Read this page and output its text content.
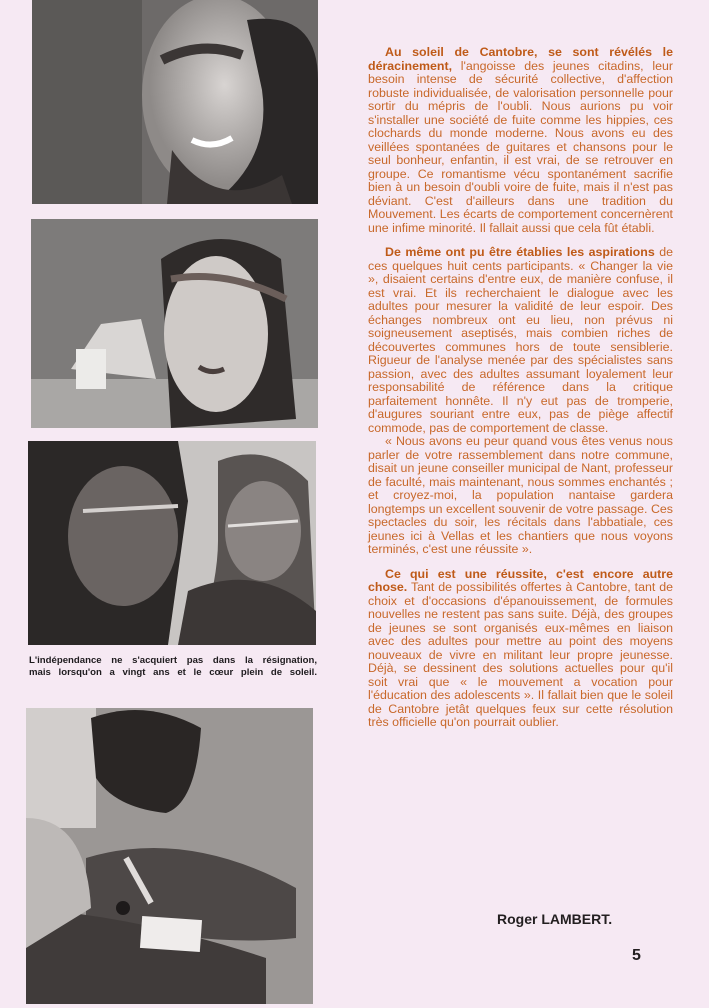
L'indépendance ne s'acquiert pas dans la résignation,
mais lorsqu'on a vingt ans et le cœur plein de soleil.

Au soleil de Cantobre, se sont révélés le déracinement, l'angoisse des jeunes citadins, leur besoin intense de sécurité collective, d'affection robuste individualisée, de valorisation personnelle pour sortir du mépris de l'oubli. Nous aurions pu voir s'installer une société de fuite comme les hippies, ces clochards du monde moderne. Nous avons eu des veillées spontanées de guitares et chansons pour le seul bonheur, enfantin, il est vrai, de se retrouver en groupe. Ce romantisme vécu spontanément sacrifie bien à un besoin d'oubli voire de fuite, mais il n'est pas déviant. C'est d'ailleurs dans une tradition du Mouvement. Les écarts de comportement concernèrent une infime minorité. Il fallait aussi que cela fût établi.

De même ont pu être établies les aspirations de ces quelques huit cents participants. « Changer la vie », disaient certains d'entre eux, de manière confuse, il est vrai. Et ils recherchaient le dialogue avec les adultes pour mesurer la validité de leur espoir. Des échanges nombreux ont eu lieu, non prévus ni soigneusement aseptisés, mais combien riches de découvertes communes hors de toute sensiblerie. Rigueur de l'analyse menée par des spécialistes sans passion, avec des adultes assumant loyalement leur responsabilité de référence dans la critique parfaitement honnête. Il n'y eut pas de tromperie, d'augures souriant entre eux, pas de piège affectif commode, pas de comportement de classe.

« Nous avons eu peur quand vous êtes venus nous parler de votre rassemblement dans notre commune, disait un jeune conseiller municipal de Nant, professeur de faculté, mais maintenant, nous sommes enchantés ; et croyez-moi, la population nantaise gardera longtemps un excellent souvenir de votre passage. Ces spectacles du soir, les récitals dans l'abbatiale, ces jeunes ici à Vellas et les chantiers que nous voyons terminés, c'est une réussite ».

Ce qui est une réussite, c'est encore autre chose. Tant de possibilités offertes à Cantobre, tant de choix et d'occasions d'épanouissement, de formules nouvelles ne restent pas sans suite. Déjà, des groupes de jeunes se sont organisés eux-mêmes en liaison avec des adultes pour mettre au point des moyens nouveaux de vivre en militant leur propre jeunesse. Déjà, se dessinent des solutions actuelles pour qu'il soit vrai que « le mouvement a vocation pour l'éducation des adolescents ». Il fallait bien que le soleil de Cantobre jetât quelques feux sur cette résolution très officielle qu'on pourrait oublier.

Roger LAMBERT.
5
